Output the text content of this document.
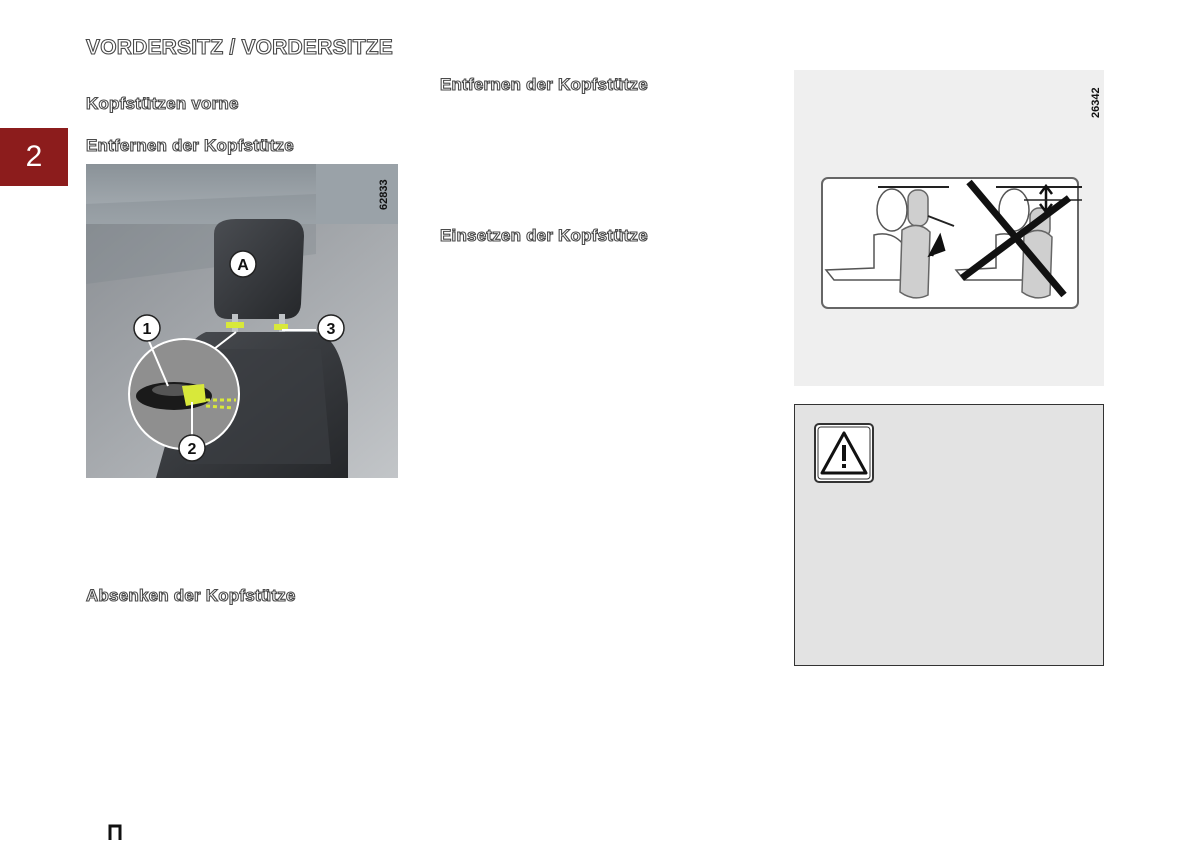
2
VORDERSITZ / VORDERSITZE
Kopfstützen vorne
Entfernen der Kopfstütze
Absenken der Kopfstütze
Entfernen der Kopfstütze
Einsetzen der Kopfstütze
A
1
2
3
62833
26342
